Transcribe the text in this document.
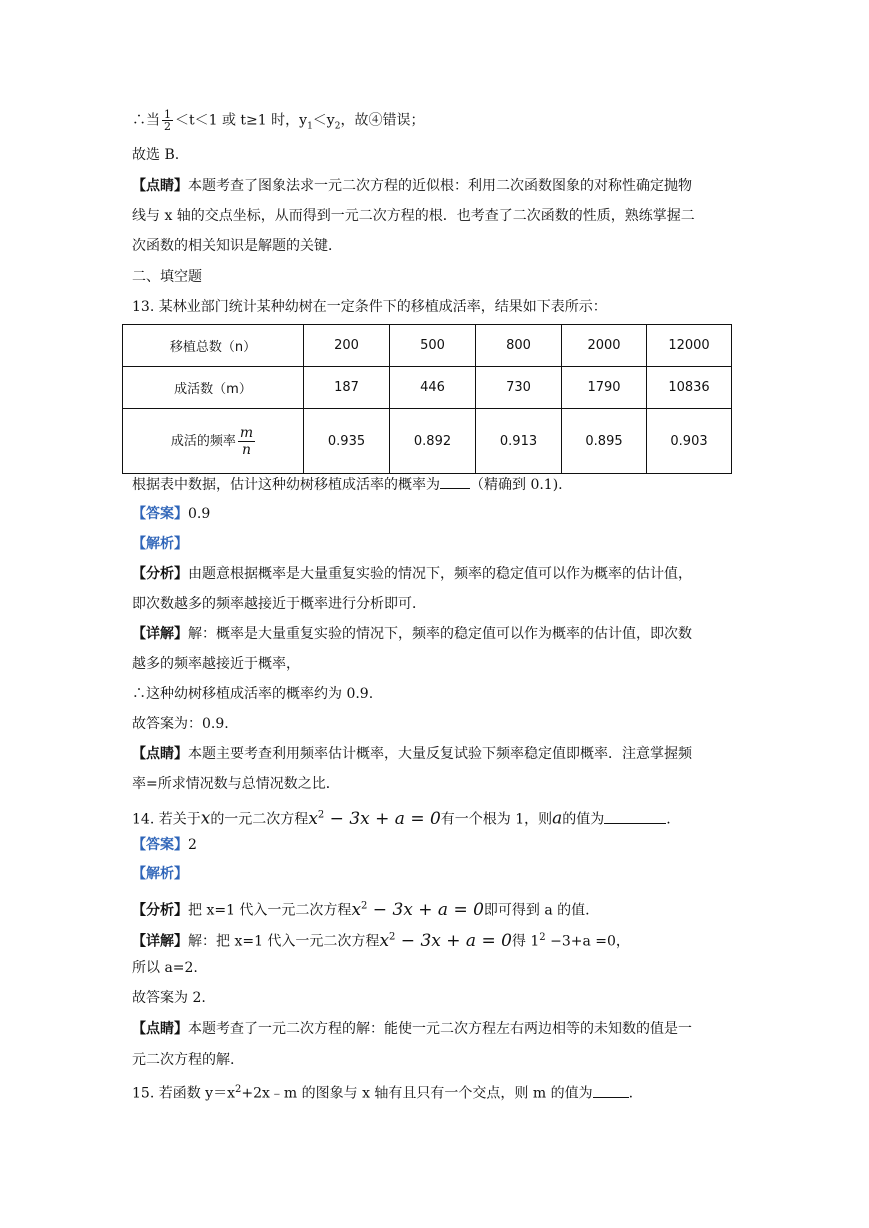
∴当 $\frac{1}{2} <t<1$ 或 t≥1 时，$y_1<y_2$，故④错误；
故选 B.
【点睛】本题考查了图象法求一元二次方程的近似根：利用二次函数图象的对称性确定抛物
线与 x 轴的交点坐标，从而得到一元二次方程的根．也考查了二次函数的性质，熟练掌握二
次函数的相关知识是解题的关键．
二、填空题
13. 某林业部门统计某种幼树在一定条件下的移植成活率，结果如下表所示：
移植总数（n）	200	500	800	2000	12000
成活数（m）	187	446	730	1790	10836
成活的频率 $\frac{m}{n}$	0.935	0.892	0.913	0.895	0.903
根据表中数据，估计这种幼树移植成活率的概率为 （精确到 0.1).
【答案】0.9
【解析】
【分析】由题意根据概率是大量重复实验的情况下，频率的稳定值可以作为概率的估计值，
即次数越多的频率越接近于概率进行分析即可．
【详解】解：概率是大量重复实验的情况下，频率的稳定值可以作为概率的估计值，即次数
越多的频率越接近于概率，
∴这种幼树移植成活率的概率约为 0.9.
故答案为：0.9.
【点睛】本题主要考查利用频率估计概率，大量反复试验下频率稳定值即概率．注意掌握频
率=所求情况数与总情况数之比．
14. 若关于x的一元二次方程$x^2 - 3x + a = 0$有一个根为 1，则a的值为	.
【答案】2
【解析】
【分析】把 x=1 代入一元二次方程$x^2 - 3x + a = 0$即可得到 a 的值.
【详解】解：把 x=1 代入一元二次方程$x^2 - 3x + a = 0$得 $1^2 -3+a =0$，
所以 a=2.
故答案为 2.
【点睛】本题考查了一元二次方程的解：能使一元二次方程左右两边相等的未知数的值是一
元二次方程的解.
15. 若函数 $y=x^2+2x﹣m$ 的图象与 x 轴有且只有一个交点，则 m 的值为	.
